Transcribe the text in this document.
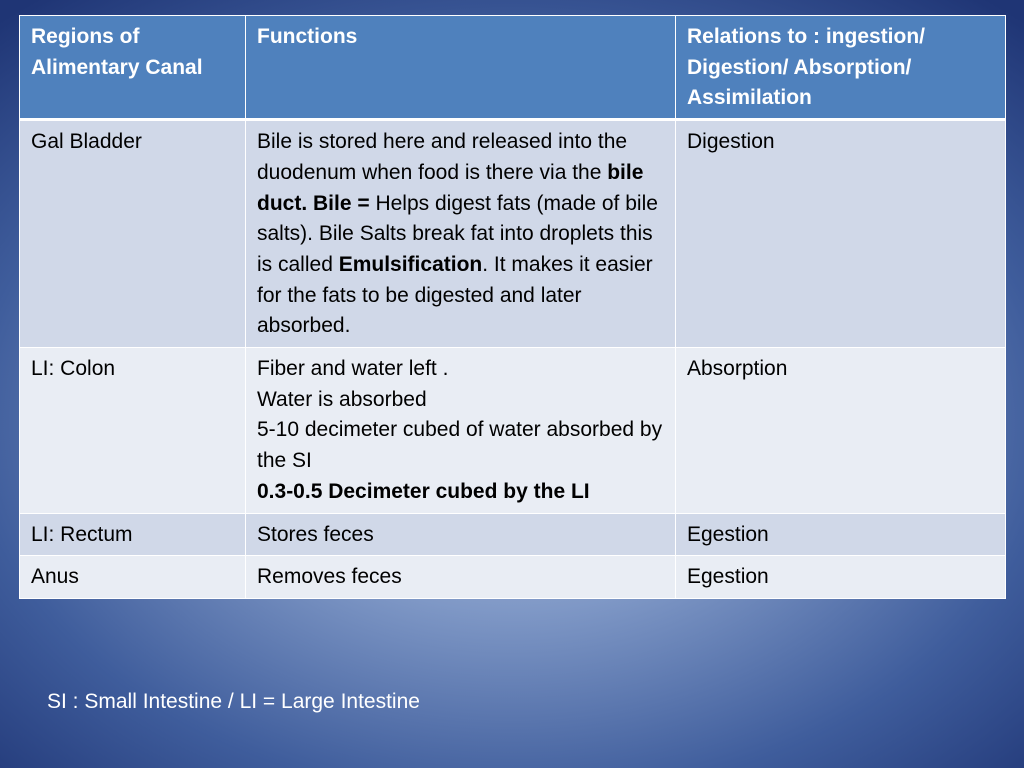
Regions of Alimentary Canal	Functions	Relations to : ingestion/ Digestion/ Absorption/ Assimilation
Gal Bladder	Bile is stored here and released into the duodenum when food is there via the bile duct. Bile = Helps digest fats (made of bile salts). Bile Salts break fat into droplets this is called Emulsification. It makes it easier for the fats to be digested and later absorbed.	Digestion
LI: Colon	Fiber and water left .
Water is absorbed
5-10 decimeter cubed of water absorbed by the SI
0.3-0.5 Decimeter cubed by the LI	Absorption
LI: Rectum	Stores feces	Egestion
Anus	Removes feces	Egestion
SI : Small Intestine / LI = Large Intestine
